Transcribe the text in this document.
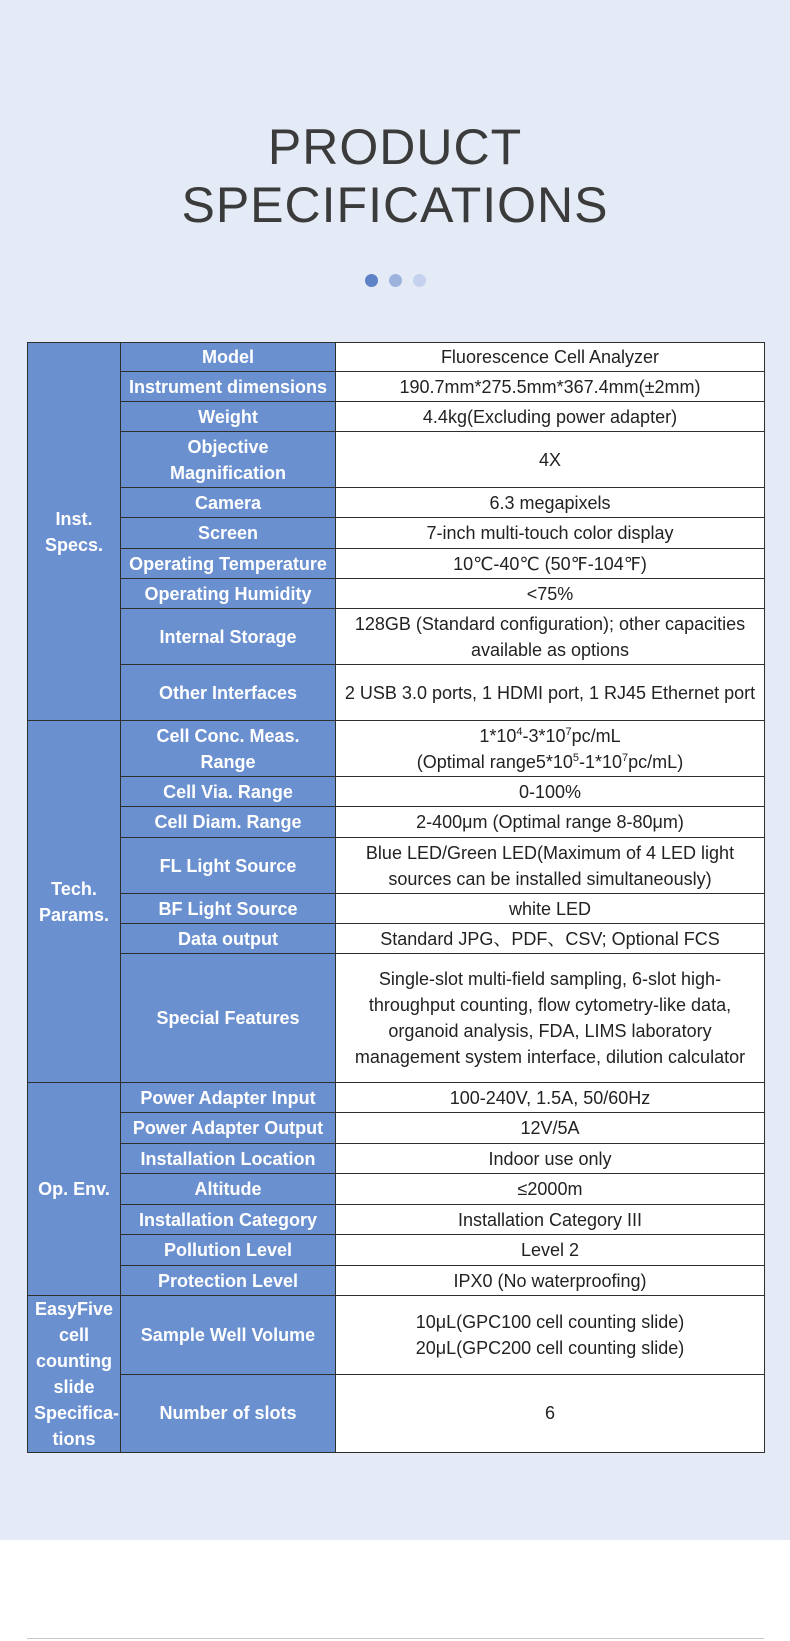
PRODUCT
SPECIFICATIONS
Inst. Specs.	Model	Fluorescence Cell Analyzer
	Instrument dimensions	190.7mm*275.5mm*367.4mm(±2mm)
	Weight	4.4kg(Excluding power adapter)
	Objective Magnification	4X
	Camera	6.3 megapixels
	Screen	7-inch multi-touch color display
	Operating Temperature	10℃-40℃ (50℉-104℉)
	Operating Humidity	<75%
	Internal Storage	128GB (Standard configuration); other capacities available as options
	Other Interfaces	2 USB 3.0 ports, 1 HDMI port, 1 RJ45 Ethernet port
Tech. Params.	Cell Conc. Meas. Range	$1*10^4-3*10^7pc/mL$
(Optimal $range5*10^5-1*10^7pc/mL$)

	Cell Via. Range	0-100%
	Cell Diam. Range	2-400μm (Optimal range 8-80μm)
	FL Light Source	Blue LED/Green LED(Maximum of 4 LED light sources can be installed simultaneously)
	BF Light Source	white LED
	Data output	Standard JPG、PDF、CSV; Optional FCS
	Special Features	Single-slot multi-field sampling, 6-slot high-throughput counting, flow cytometry-like data, organoid analysis, FDA, LIMS laboratory management system interface, dilution calculator
Op. Env.	Power Adapter Input	100-240V, 1.5A, 50/60Hz
	Power Adapter Output	12V/5A
	Installation Location	Indoor use only
	Altitude	≤2000m
	Installation Category	Installation Category III
	Pollution Level	Level 2
	Protection Level	IPX0 (No waterproofing)
EasyFive cell counting slide Specifica-tions	Sample Well Volume	10μL(GPC100 cell counting slide)
20μL(GPC200 cell counting slide)

	Number of slots	6
